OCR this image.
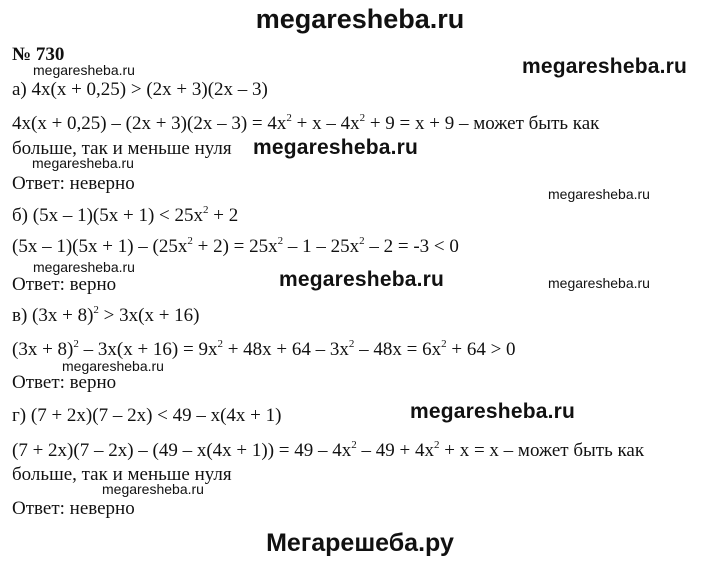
megaresheba.ru
№ 730
megaresheba.ru	megaresheba.ru
megaresheba.ru
megaresheba.ru
megaresheba.ru
megaresheba.ru
megaresheba.ru	megaresheba.ru
megaresheba.ru
megaresheba.ru
megaresheba.ru
а) 4x(x + 0,25) > (2x + 3)(2x – 3)
$4x(x + 0,25) - (2x + 3)(2x - 3) = 4x^2 + x - 4x^2 + 9 = x + 9$ – может быть как
больше, так и меньше нуля
Ответ: неверно
б) $(5x - 1)(5x + 1) < 25x^2 + 2$
$(5x - 1)(5x + 1) - (25x^2 + 2) = 25x^2 - 1 - 25x^2 - 2 = -3 < 0$
Ответ: верно
в) $(3x + 8)^2 > 3x(x + 16)$
$(3x + 8)^2 - 3x(x + 16) = 9x^2 + 48x + 64 - 3x^2 - 48x = 6x^2 + 64 > 0$
Ответ: верно
г) (7 + 2x)(7 – 2x) < 49 – x(4x + 1)
$(7 + 2x)(7 - 2x) - (49 - x(4x + 1)) = 49 - 4x^2 - 49 + 4x^2 + x = x$ – может быть как
больше, так и меньше нуля
Ответ: неверно
Мегарешеба.ру
